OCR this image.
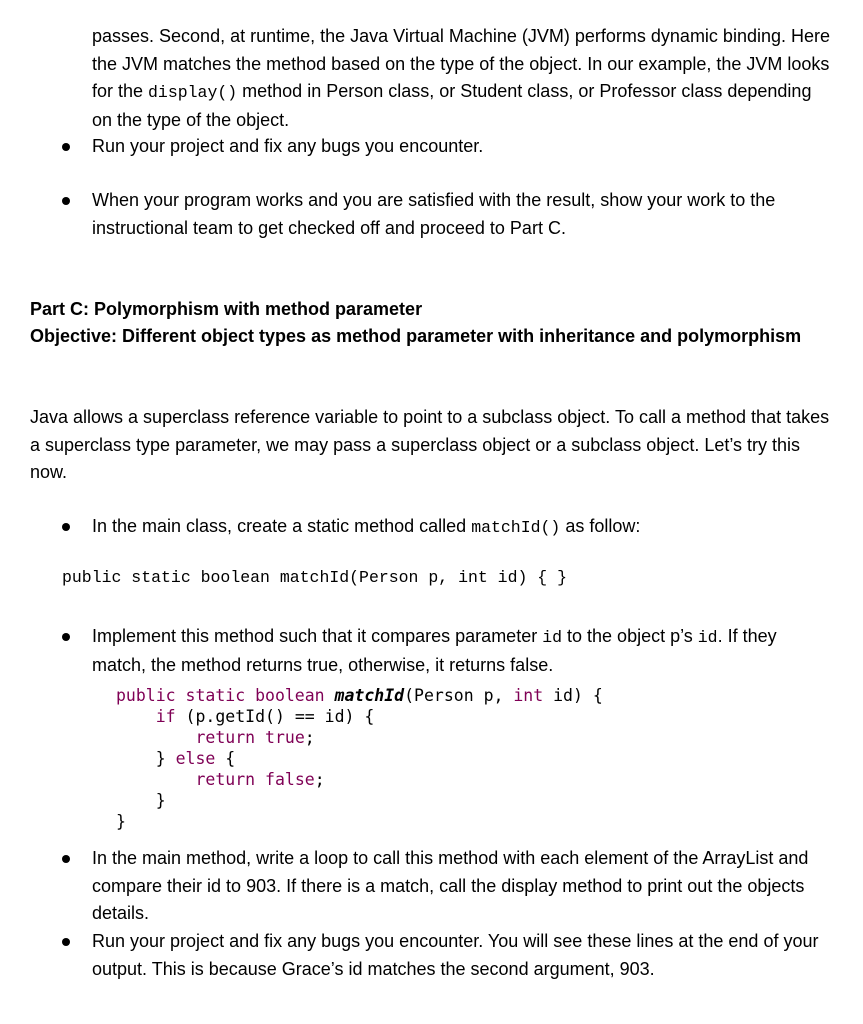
passes. Second, at runtime, the Java Virtual Machine (JVM) performs dynamic binding. Here the JVM matches the method based on the type of the object. In our example, the JVM looks for the display() method in Person class, or Student class, or Professor class depending on the type of the object.

Run your project and fix any bugs you encounter.

When your program works and you are satisfied with the result, show your work to the instructional team to get checked off and proceed to Part C.

Part C: Polymorphism with method parameter

Objective: Different object types as method parameter with inheritance and polymorphism

Java allows a superclass reference variable to point to a subclass object. To call a method that takes a superclass type parameter, we may pass a superclass object or a subclass object. Let’s try this now.

In the main class, create a static method called matchId() as follow:

public static boolean matchId(Person p, int id) { }

Implement this method such that it compares parameter id to the object p’s id. If they match, the method returns true, otherwise, it returns false.

public static boolean matchId(Person p, int id) {
if (p.getId() == id) {
return true;
} else {
return false;
}
}

In the main method, write a loop to call this method with each element of the ArrayList and compare their id to 903. If there is a match, call the display method to print out the objects details.

Run your project and fix any bugs you encounter. You will see these lines at the end of your output. This is because Grace’s id matches the second argument, 903.
